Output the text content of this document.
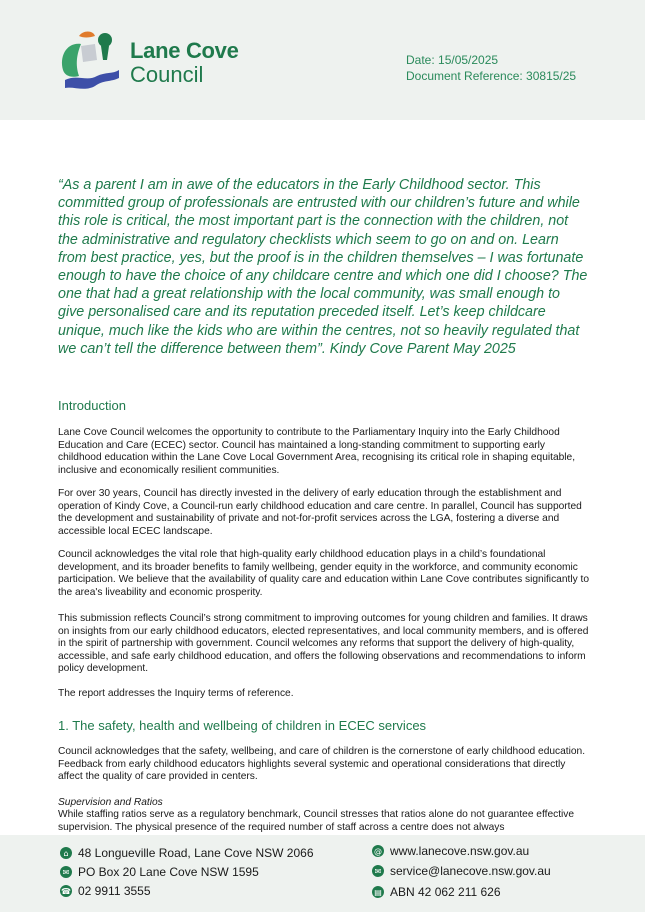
Lane Cove
Council
Date: 15/05/2025
Document Reference: 30815/25
“As a parent I am in awe of the educators in the Early Childhood sector. This committed group of professionals are entrusted with our children’s future and while this role is critical, the most important part is the connection with the children, not the administrative and regulatory checklists which seem to go on and on. Learn from best practice, yes, but the proof is in the children themselves – I was fortunate enough to have the choice of any childcare centre and which one did I choose? The one that had a great relationship with the local community, was small enough to give personalised care and its reputation preceded itself. Let’s keep childcare unique, much like the kids who are within the centres, not so heavily regulated that we can’t tell the difference between them”. Kindy Cove Parent May 2025
Introduction
Lane Cove Council welcomes the opportunity to contribute to the Parliamentary Inquiry into the Early Childhood Education and Care (ECEC) sector. Council has maintained a long-standing commitment to supporting early childhood education within the Lane Cove Local Government Area, recognising its critical role in shaping equitable, inclusive and economically resilient communities.
For over 30 years, Council has directly invested in the delivery of early education through the establishment and operation of Kindy Cove, a Council-run early childhood education and care centre. In parallel, Council has supported the development and sustainability of private and not-for-profit services across the LGA, fostering a diverse and accessible local ECEC landscape.
Council acknowledges the vital role that high-quality early childhood education plays in a child’s foundational development, and its broader benefits to family wellbeing, gender equity in the workforce, and community economic participation. We believe that the availability of quality care and education within Lane Cove contributes significantly to the area's liveability and economic prosperity.
This submission reflects Council’s strong commitment to improving outcomes for young children and families. It draws on insights from our early childhood educators, elected representatives, and local community members, and is offered in the spirit of partnership with government. Council welcomes any reforms that support the delivery of high-quality, accessible, and safe early childhood education, and offers the following observations and recommendations to inform policy development.
The report addresses the Inquiry terms of reference.
1. The safety, health and wellbeing of children in ECEC services
Council acknowledges that the safety, wellbeing, and care of children is the cornerstone of early childhood education. Feedback from early childhood educators highlights several systemic and operational considerations that directly affect the quality of care provided in centers.
Supervision and Ratios
While staffing ratios serve as a regulatory benchmark, Council stresses that ratios alone do not guarantee effective supervision. The physical presence of the required number of staff across a centre does not always
⌂ 48 Longueville Road, Lane Cove NSW 2066
✉ PO Box 20 Lane Cove NSW 1595
☎ 02 9911 3555
@ www.lanecove.nsw.gov.au
✉ service@lanecove.nsw.gov.au
▤ ABN 42 062 211 626
